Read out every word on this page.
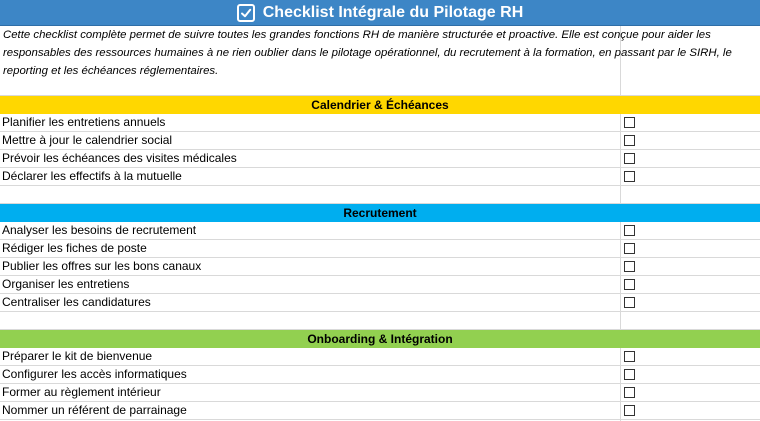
Checklist Intégrale du Pilotage RH
Cette checklist complète permet de suivre toutes les grandes fonctions RH de manière structurée et proactive. Elle est conçue pour aider les responsables des ressources humaines à ne rien oublier dans le pilotage opérationnel, du recrutement à la formation, en passant par le SIRH, le reporting et les échéances réglementaires.
Calendrier & Échéances
Planifier les entretiens annuels
Mettre à jour le calendrier social
Prévoir les échéances des visites médicales
Déclarer les effectifs à la mutuelle
Recrutement
Analyser les besoins de recrutement
Rédiger les fiches de poste
Publier les offres sur les bons canaux
Organiser les entretiens
Centraliser les candidatures
Onboarding & Intégration
Préparer le kit de bienvenue
Configurer les accès informatiques
Former au règlement intérieur
Nommer un référent de parrainage
